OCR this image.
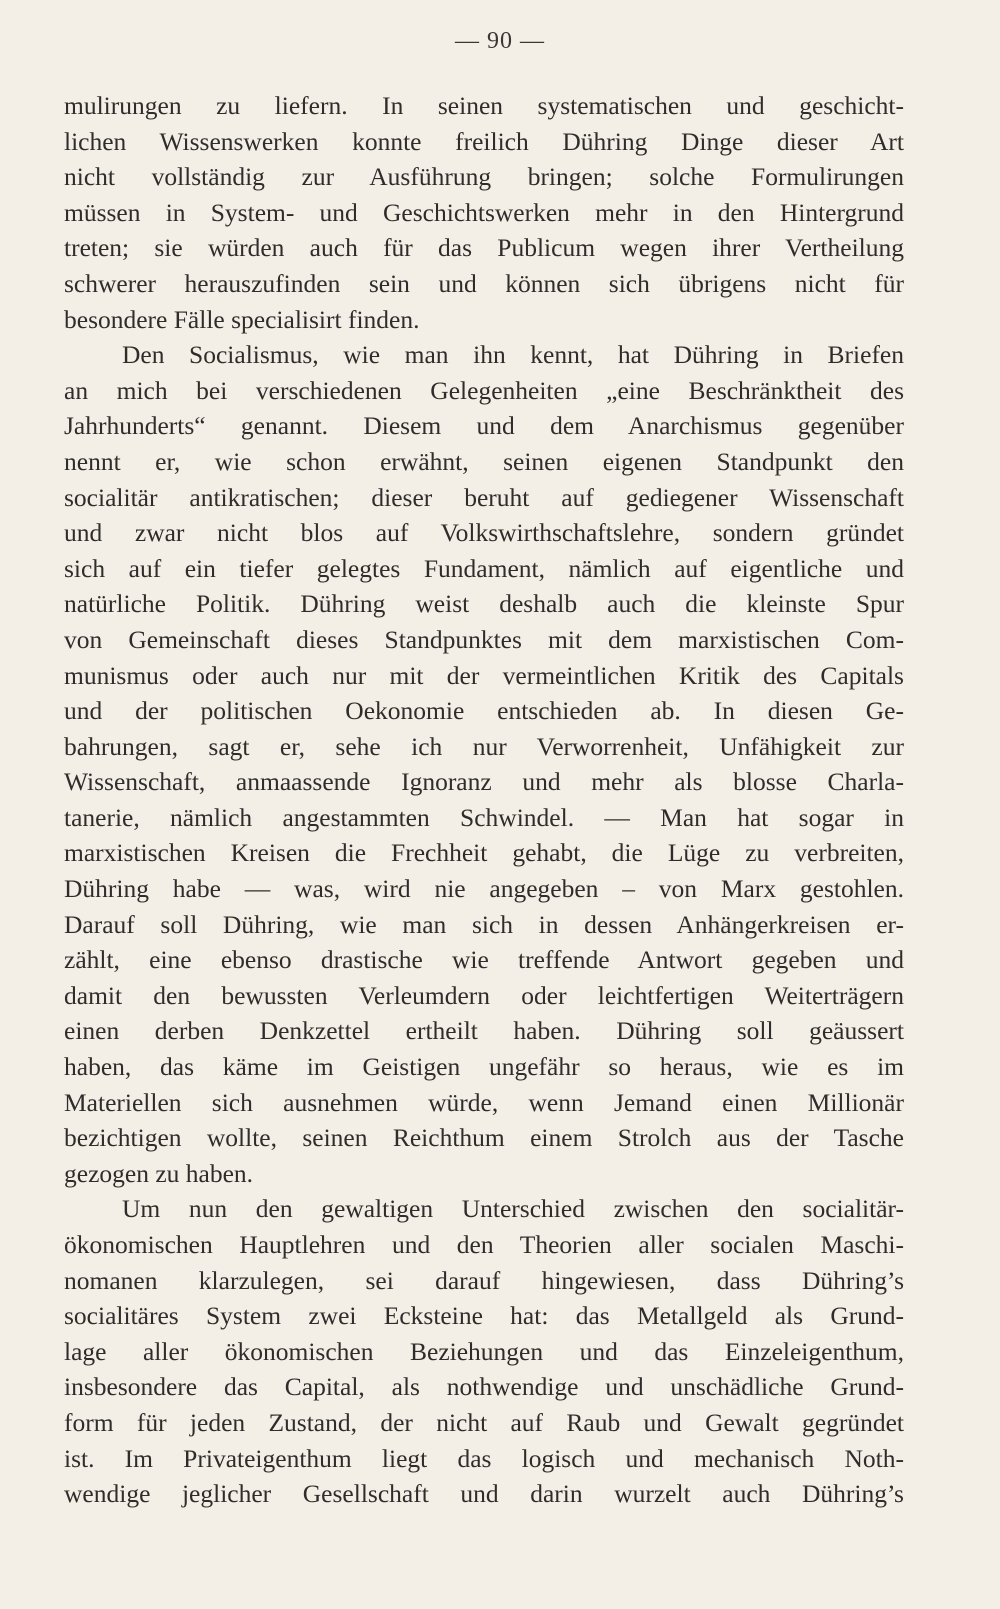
— 90 —
mulirungen zu liefern. In seinen systematischen und geschicht-
lichen Wissenswerken konnte freilich Dühring Dinge dieser Art
nicht vollständig zur Ausführung bringen; solche Formulirungen
müssen in System- und Geschichtswerken mehr in den Hintergrund
treten; sie würden auch für das Publicum wegen ihrer Vertheilung
schwerer herauszufinden sein und können sich übrigens nicht für
besondere Fälle specialisirt finden.
Den Socialismus, wie man ihn kennt, hat Dühring in Briefen
an mich bei verschiedenen Gelegenheiten „eine Beschränktheit des
Jahrhunderts“ genannt. Diesem und dem Anarchismus gegenüber
nennt er, wie schon erwähnt, seinen eigenen Standpunkt den
socialitär antikratischen; dieser beruht auf gediegener Wissenschaft
und zwar nicht blos auf Volkswirthschaftslehre, sondern gründet
sich auf ein tiefer gelegtes Fundament, nämlich auf eigentliche und
natürliche Politik. Dühring weist deshalb auch die kleinste Spur
von Gemeinschaft dieses Standpunktes mit dem marxistischen Com-
munismus oder auch nur mit der vermeintlichen Kritik des Capitals
und der politischen Oekonomie entschieden ab. In diesen Ge-
bahrungen, sagt er, sehe ich nur Verworrenheit, Unfähigkeit zur
Wissenschaft, anmaassende Ignoranz und mehr als blosse Charla-
tanerie, nämlich angestammten Schwindel. — Man hat sogar in
marxistischen Kreisen die Frechheit gehabt, die Lüge zu verbreiten,
Dühring habe — was, wird nie angegeben – von Marx gestohlen.
Darauf soll Dühring, wie man sich in dessen Anhängerkreisen er-
zählt, eine ebenso drastische wie treffende Antwort gegeben und
damit den bewussten Verleumdern oder leichtfertigen Weiterträgern
einen derben Denkzettel ertheilt haben. Dühring soll geäussert
haben, das käme im Geistigen ungefähr so heraus, wie es im
Materiellen sich ausnehmen würde, wenn Jemand einen Millionär
bezichtigen wollte, seinen Reichthum einem Strolch aus der Tasche
gezogen zu haben.
Um nun den gewaltigen Unterschied zwischen den socialitär-
ökonomischen Hauptlehren und den Theorien aller socialen Maschi-
nomanen klarzulegen, sei darauf hingewiesen, dass Dühring’s
socialitäres System zwei Ecksteine hat: das Metallgeld als Grund-
lage aller ökonomischen Beziehungen und das Einzeleigenthum,
insbesondere das Capital, als nothwendige und unschädliche Grund-
form für jeden Zustand, der nicht auf Raub und Gewalt gegründet
ist. Im Privateigenthum liegt das logisch und mechanisch Noth-
wendige jeglicher Gesellschaft und darin wurzelt auch Dühring’s
